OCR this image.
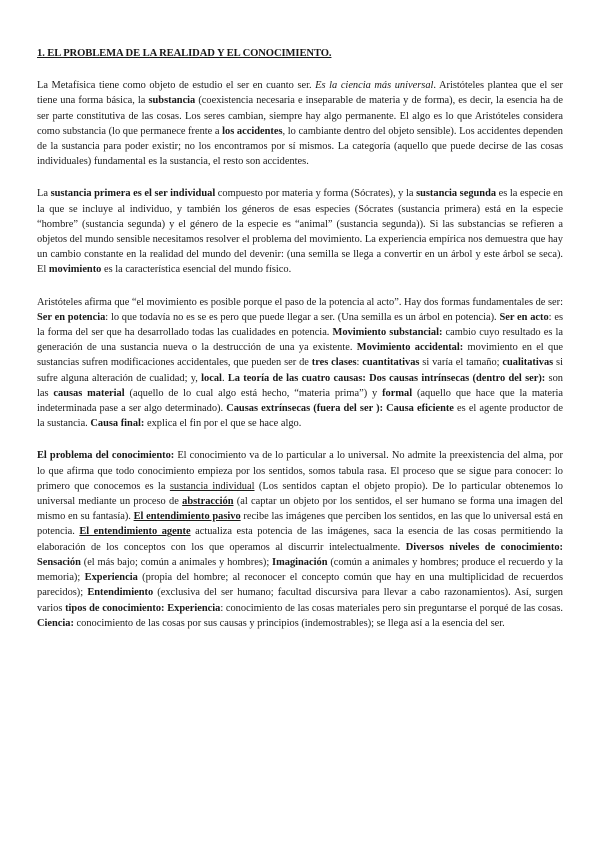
1. EL PROBLEMA DE LA REALIDAD Y EL CONOCIMIENTO.

La Metafísica tiene como objeto de estudio el ser en cuanto ser. Es la ciencia más universal. Aristóteles plantea que el ser tiene una forma básica, la substancia (coexistencia necesaria e inseparable de materia y de forma), es decir, la esencia ha de ser parte constitutiva de las cosas. Los seres cambian, siempre hay algo permanente. El algo es lo que Aristóteles considera como substancia (lo que permanece frente a los accidentes, lo cambiante dentro del objeto sensible). Los accidentes dependen de la sustancia para poder existir; no los encontramos por sí mismos. La categoría (aquello que puede decirse de las cosas individuales) fundamental es la sustancia, el resto son accidentes.

La sustancia primera es el ser individual compuesto por materia y forma (Sócrates), y la sustancia segunda es la especie en la que se incluye al individuo, y también los géneros de esas especies (Sócrates (sustancia primera) está en la especie “hombre” (sustancia segunda) y el género de la especie es “animal” (sustancia segunda)). Si las substancias se refieren a objetos del mundo sensible necesitamos resolver el problema del movimiento. La experiencia empírica nos demuestra que hay un cambio constante en la realidad del mundo del devenir: (una semilla se llega a convertir en un árbol y este árbol se seca). El movimiento es la característica esencial del mundo físico.

Aristóteles afirma que “el movimiento es posible porque el paso de la potencia al acto”. Hay dos formas fundamentales de ser: Ser en potencia: lo que todavía no es se es pero que puede llegar a ser. (Una semilla es un árbol en potencia). Ser en acto: es la forma del ser que ha desarrollado todas las cualidades en potencia. Movimiento substancial: cambio cuyo resultado es la generación de una sustancia nueva o la destrucción de una ya existente. Movimiento accidental: movimiento en el que sustancias sufren modificaciones accidentales, que pueden ser de tres clases: cuantitativas si varía el tamaño; cualitativas si sufre alguna alteración de cualidad; y, local. La teoría de las cuatro causas: Dos causas intrínsecas (dentro del ser): son las causas material (aquello de lo cual algo está hecho, “materia prima”) y formal (aquello que hace que la materia indeterminada pase a ser algo determinado). Causas extrínsecas (fuera del ser ): Causa eficiente es el agente productor de la sustancia. Causa final: explica el fin por el que se hace algo.

El problema del conocimiento: El conocimiento va de lo particular a lo universal. No admite la preexistencia del alma, por lo que afirma que todo conocimiento empieza por los sentidos, somos tabula rasa. El proceso que se sigue para conocer: lo primero que conocemos es la sustancia individual (Los sentidos captan el objeto propio). De lo particular obtenemos lo universal mediante un proceso de abstracción (al captar un objeto por los sentidos, el ser humano se forma una imagen del mismo en su fantasía). El entendimiento pasivo recibe las imágenes que perciben los sentidos, en las que lo universal está en potencia. El entendimiento agente actualiza esta potencia de las imágenes, saca la esencia de las cosas permitiendo la elaboración de los conceptos con los que operamos al discurrir intelectualmente. Diversos niveles de conocimiento: Sensación (el más bajo; común a animales y hombres); Imaginación (común a animales y hombres; produce el recuerdo y la memoria); Experiencia (propia del hombre; al reconocer el concepto común que hay en una multiplicidad de recuerdos parecidos); Entendimiento (exclusiva del ser humano; facultad discursiva para llevar a cabo razonamientos). Así, surgen varios tipos de conocimiento: Experiencia: conocimiento de las cosas materiales pero sin preguntarse el porqué de las cosas. Ciencia: conocimiento de las cosas por sus causas y principios (indemostrables); se llega así a la esencia del ser.
